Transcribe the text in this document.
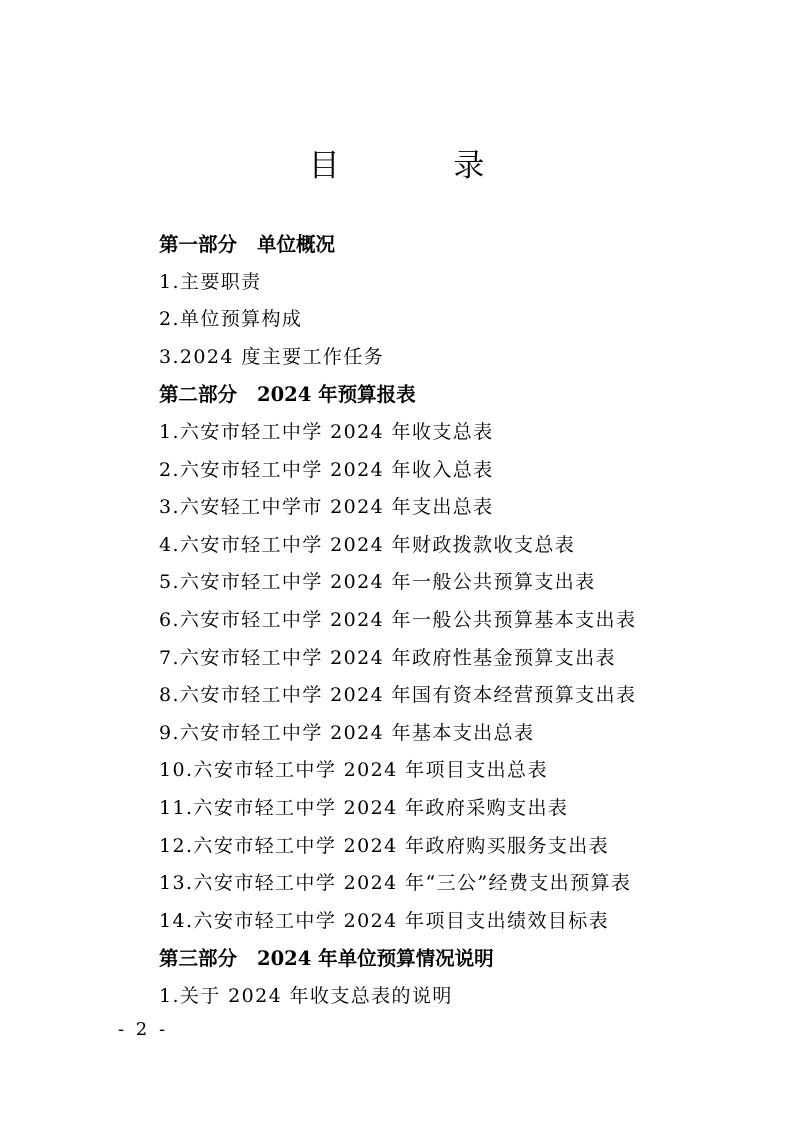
目 录
第一部分 单位概况
1.主要职责
2.单位预算构成
3.2024 度主要工作任务
第二部分 2024 年预算报表
1.六安市轻工中学 2024 年收支总表
2.六安市轻工中学 2024 年收入总表
3.六安轻工中学市 2024 年支出总表
4.六安市轻工中学 2024 年财政拨款收支总表
5.六安市轻工中学 2024 年一般公共预算支出表
6.六安市轻工中学 2024 年一般公共预算基本支出表
7.六安市轻工中学 2024 年政府性基金预算支出表
8.六安市轻工中学 2024 年国有资本经营预算支出表
9.六安市轻工中学 2024 年基本支出总表
10.六安市轻工中学 2024 年项目支出总表
11.六安市轻工中学 2024 年政府采购支出表
12.六安市轻工中学 2024 年政府购买服务支出表
13.六安市轻工中学 2024 年“三公”经费支出预算表
14.六安市轻工中学 2024 年项目支出绩效目标表
第三部分 2024 年单位预算情况说明
1.关于 2024 年收支总表的说明
- 2 -
